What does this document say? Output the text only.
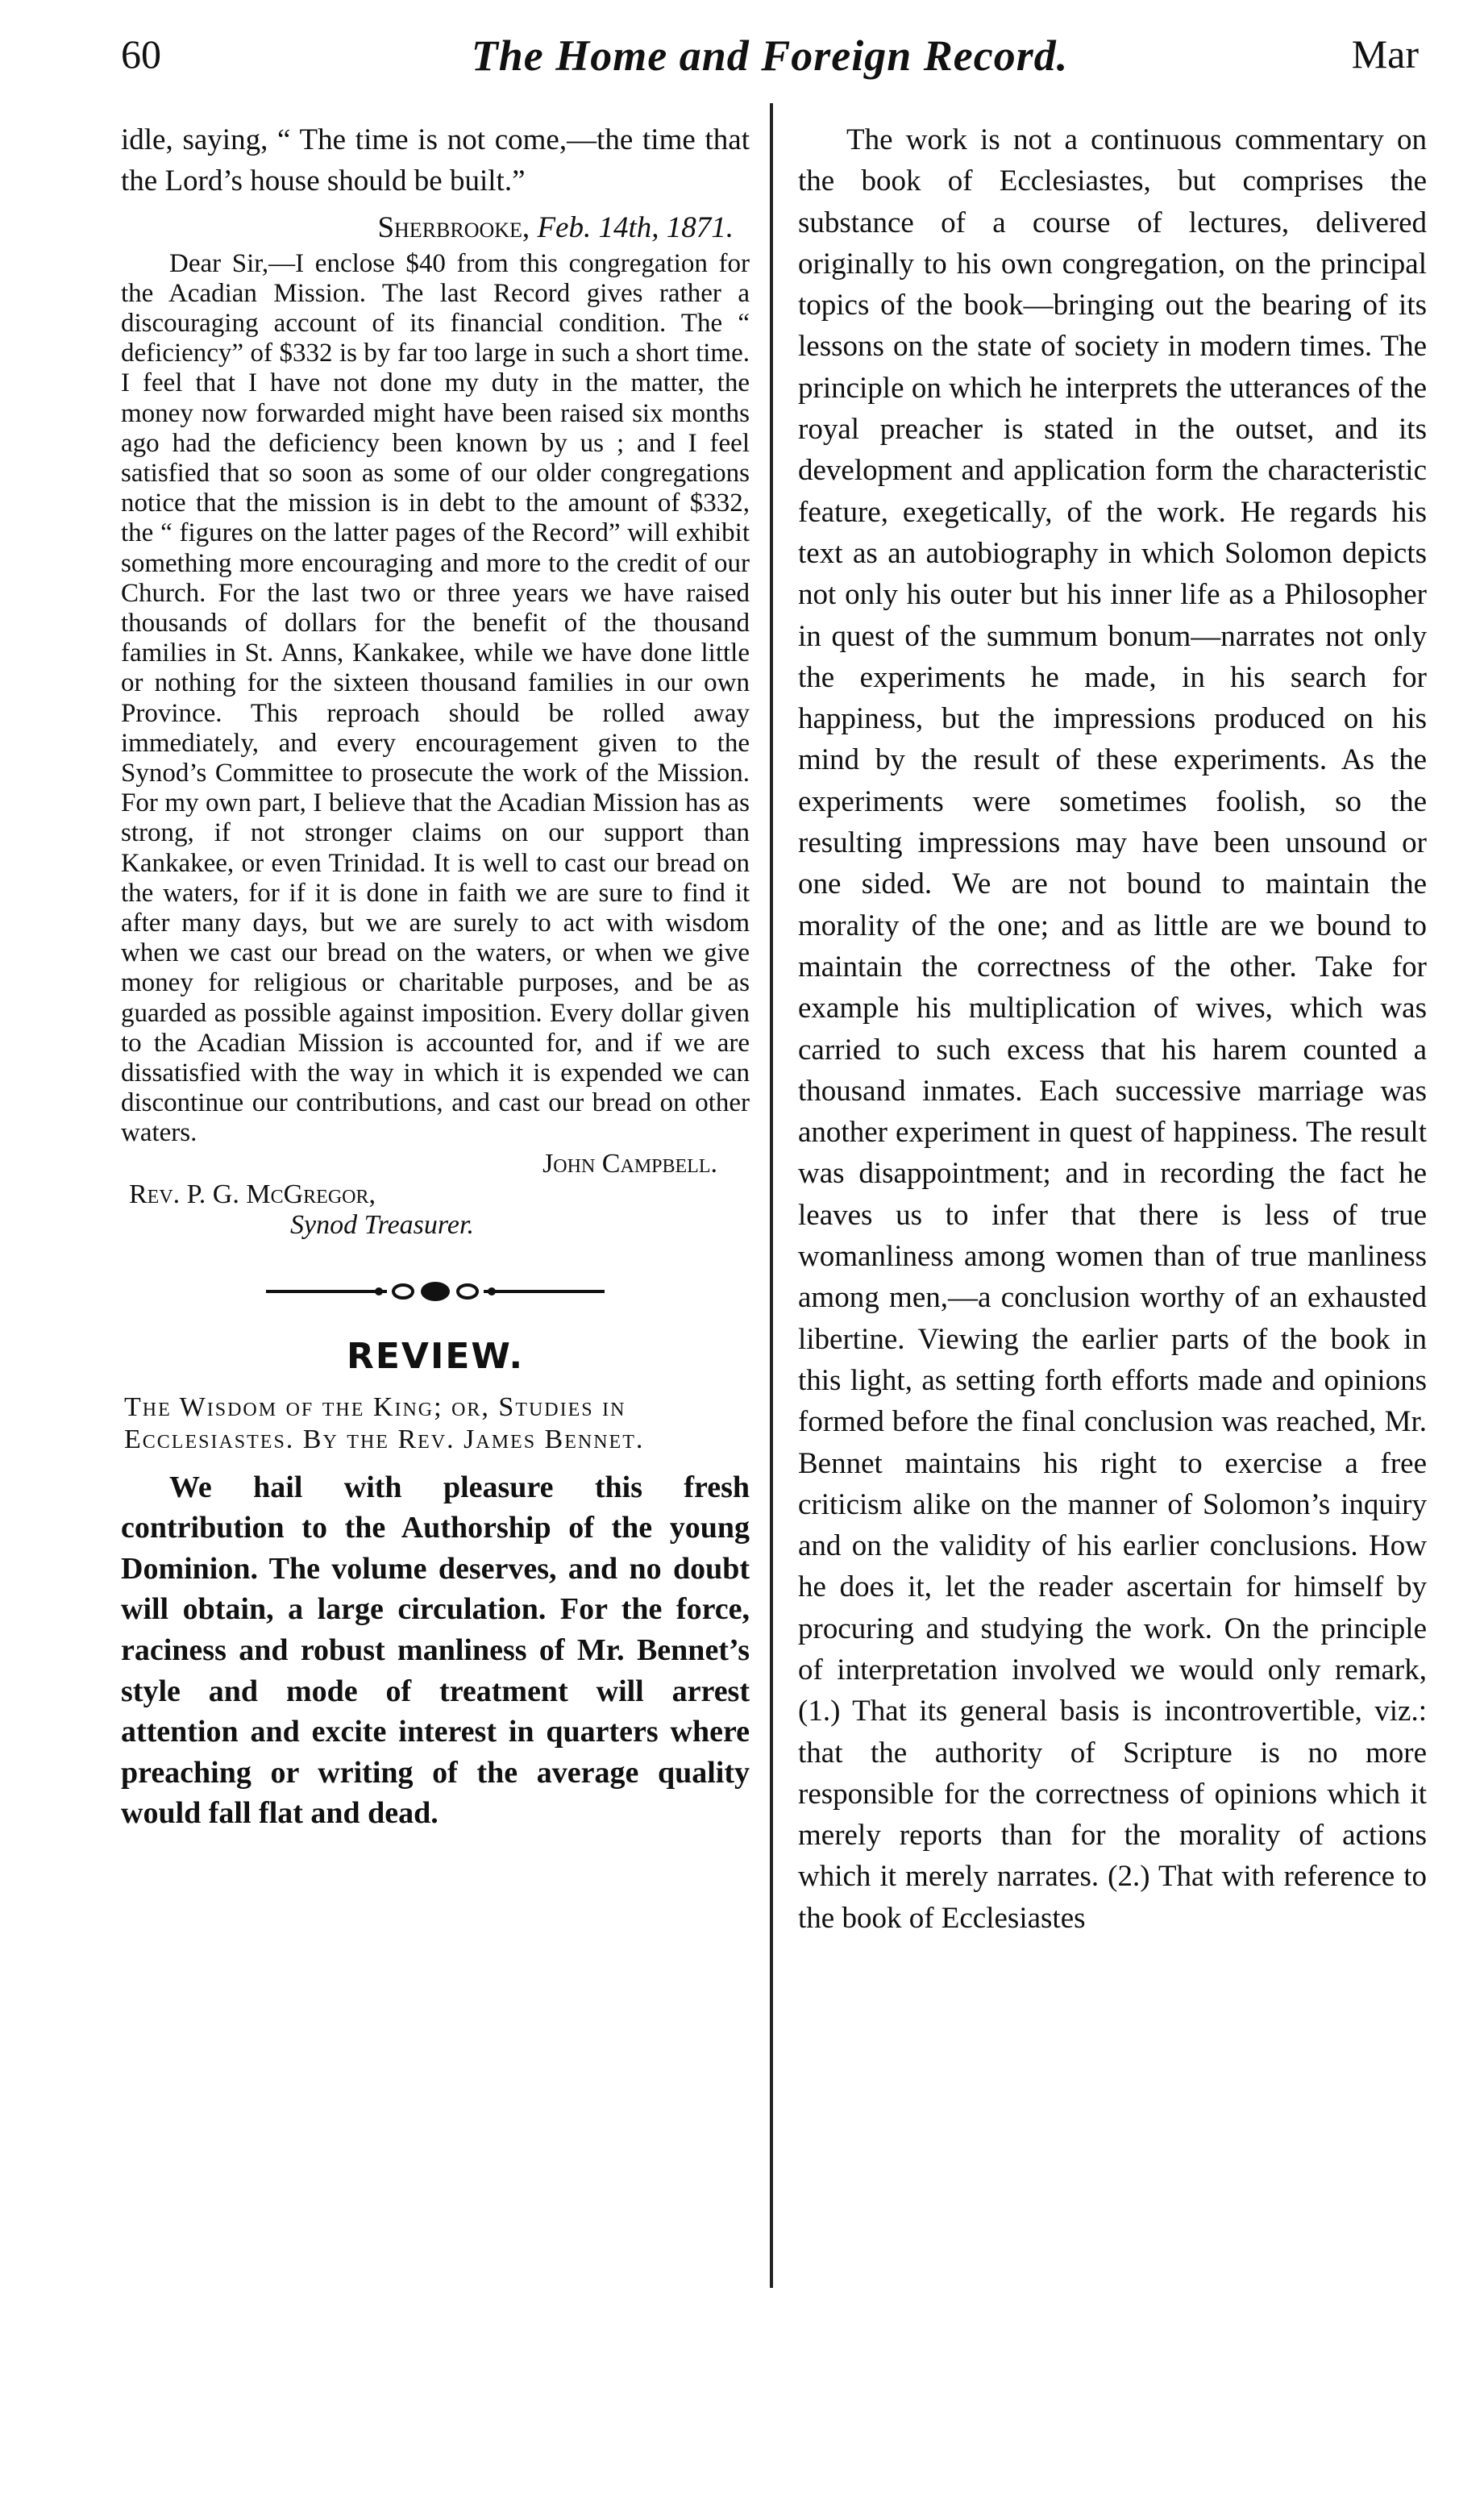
60	The Home and Foreign Record.	Mar

idle, saying, “ The time is not come,—the time that the Lord’s house should be built.”

Sherbrooke, Feb. 14th, 1871.

Dear Sir,—I enclose $40 from this congregation for the Acadian Mission. The last Record gives rather a discouraging account of its financial condition. The “ deficiency” of $332 is by far too large in such a short time. I feel that I have not done my duty in the matter, the money now forwarded might have been raised six months ago had the deficiency been known by us ; and I feel satisfied that so soon as some of our older congregations notice that the mission is in debt to the amount of $332, the “ figures on the latter pages of the Record” will exhibit something more encouraging and more to the credit of our Church. For the last two or three years we have raised thousands of dollars for the benefit of the thousand families in St. Anns, Kankakee, while we have done little or nothing for the sixteen thousand families in our own Province. This reproach should be rolled away immediately, and every encouragement given to the Synod’s Committee to prosecute the work of the Mission. For my own part, I believe that the Acadian Mission has as strong, if not stronger claims on our support than Kankakee, or even Trinidad. It is well to cast our bread on the waters, for if it is done in faith we are sure to find it after many days, but we are surely to act with wisdom when we cast our bread on the waters, or when we give money for religious or charitable purposes, and be as guarded as possible against imposition. Every dollar given to the Acadian Mission is accounted for, and if we are dissatisfied with the way in which it is expended we can discontinue our contributions, and cast our bread on other waters.

John Campbell.
Rev. P. G. McGregor,
Synod Treasurer.
REVIEW.
The Wisdom of the King; or, Studies in Ecclesiastes. By the Rev. James Bennet.

We hail with pleasure this fresh contribution to the Authorship of the young Dominion. The volume deserves, and no doubt will obtain, a large circulation. For the force, raciness and robust manliness of Mr. Bennet’s style and mode of treatment will arrest attention and excite interest in quarters where preaching or writing of the average quality would fall flat and dead.

The work is not a continuous commentary on the book of Ecclesiastes, but comprises the substance of a course of lectures, delivered originally to his own congregation, on the principal topics of the book—bringing out the bearing of its lessons on the state of society in modern times. The principle on which he interprets the utterances of the royal preacher is stated in the outset, and its development and application form the characteristic feature, exegetically, of the work. He regards his text as an autobiography in which Solomon depicts not only his outer but his inner life as a Philosopher in quest of the summum bonum—narrates not only the experiments he made, in his search for happiness, but the impressions produced on his mind by the result of these experiments. As the experiments were sometimes foolish, so the resulting impressions may have been unsound or one sided. We are not bound to maintain the morality of the one; and as little are we bound to maintain the correctness of the other. Take for example his multiplication of wives, which was carried to such excess that his harem counted a thousand inmates. Each successive marriage was another experiment in quest of happiness. The result was disappointment; and in recording the fact he leaves us to infer that there is less of true womanliness among women than of true manliness among men,—a conclusion worthy of an exhausted libertine. Viewing the earlier parts of the book in this light, as setting forth efforts made and opinions formed before the final conclusion was reached, Mr. Bennet maintains his right to exercise a free criticism alike on the manner of Solomon’s inquiry and on the validity of his earlier conclusions. How he does it, let the reader ascertain for himself by procuring and studying the work. On the principle of interpretation involved we would only remark, (1.) That its general basis is incontrovertible, viz.: that the authority of Scripture is no more responsible for the correctness of opinions which it merely reports than for the morality of actions which it merely narrates. (2.) That with reference to the book of Ecclesiastes
